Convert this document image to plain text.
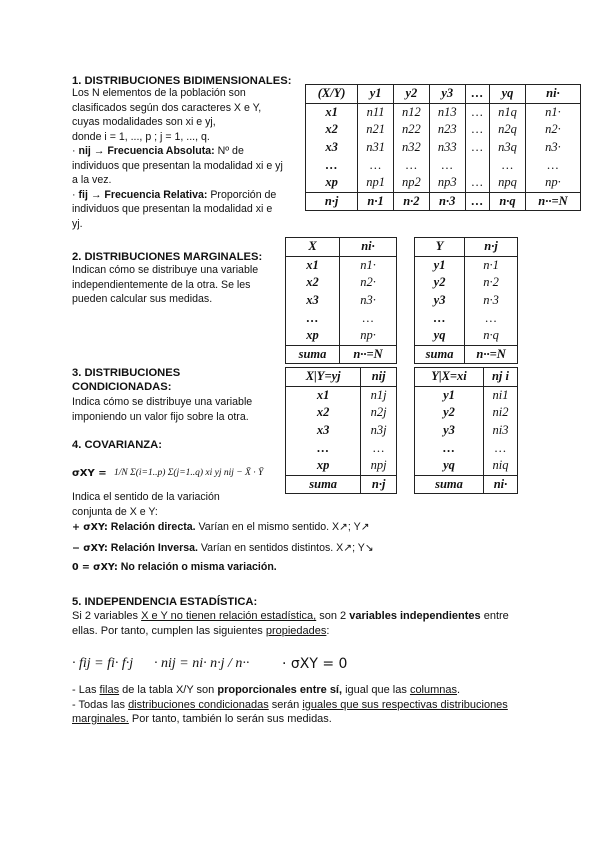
1. DISTRIBUCIONES BIDIMENSIONALES:
Los N elementos de la población son
clasificados según dos caracteres X e Y,
cuyas modalidades son xi e yj,
donde i = 1, ..., p ; j = 1, ..., q.
· nij → Frecuencia Absoluta: Nº de
individuos que presentan la modalidad xi e yj
a la vez.
· fij → Frecuencia Relativa: Proporción de
individuos que presentan la modalidad xi e
yj.
(X/Y)	y1	y2	y3	…	yq	ni·
x1	n11	n12	n13	…	n1q	n1·
x2	n21	n22	n23	…	n2q	n2·
x3	n31	n32	n33	…	n3q	n3·
…	…	…	…		…	…
xp	np1	np2	np3	…	npq	np·
n·j	n·1	n·2	n·3	…	n·q	n··=N
2. DISTRIBUCIONES MARGINALES:
Indican cómo se distribuye una variable
independientemente de la otra. Se les
pueden calcular sus medidas.
X	ni·
x1	n1·
x2	n2·
x3	n3·
…	…
xp	np·
suma	n··=N
Y	n·j
y1	n·1
y2	n·2
y3	n·3
…	…
yq	n·q
suma	n··=N
3. DISTRIBUCIONES
CONDICIONADAS:
Indica cómo se distribuye una variable
imponiendo un valor fijo sobre la otra.
X|Y=yj	nij
x1	n1j
x2	n2j
x3	n3j
…	…
xp	npj
suma	n·j
Y|X=xi	nj i
y1	ni1
y2	ni2
y3	ni3
…	…
yq	niq
suma	ni·
4. COVARIANZA:
σXY = 1/N Σ(i=1..p) Σ(j=1..q) xi yj nij − X̄ · Ȳ
Indica el sentido de la variación
conjunta de X e Y:
+ σXY: Relación directa. Varían en el mismo sentido. X↗; Y↗
− σXY: Relación Inversa. Varían en sentidos distintos. X↗; Y↘
0 = σXY: No relación o misma variación.
5. INDEPENDENCIA ESTADÍSTICA:
Si 2 variables X e Y no tienen relación estadística, son 2 variables independientes entre
ellas. Por tanto, cumplen las siguientes propiedades:
· fij = fi· f·j · nij = ni· n·j / n·· · σXY = 0
- Las filas de la tabla X/Y son proporcionales entre sí, igual que las columnas.
- Todas las distribuciones condicionadas serán iguales que sus respectivas distribuciones
marginales. Por tanto, también lo serán sus medidas.
